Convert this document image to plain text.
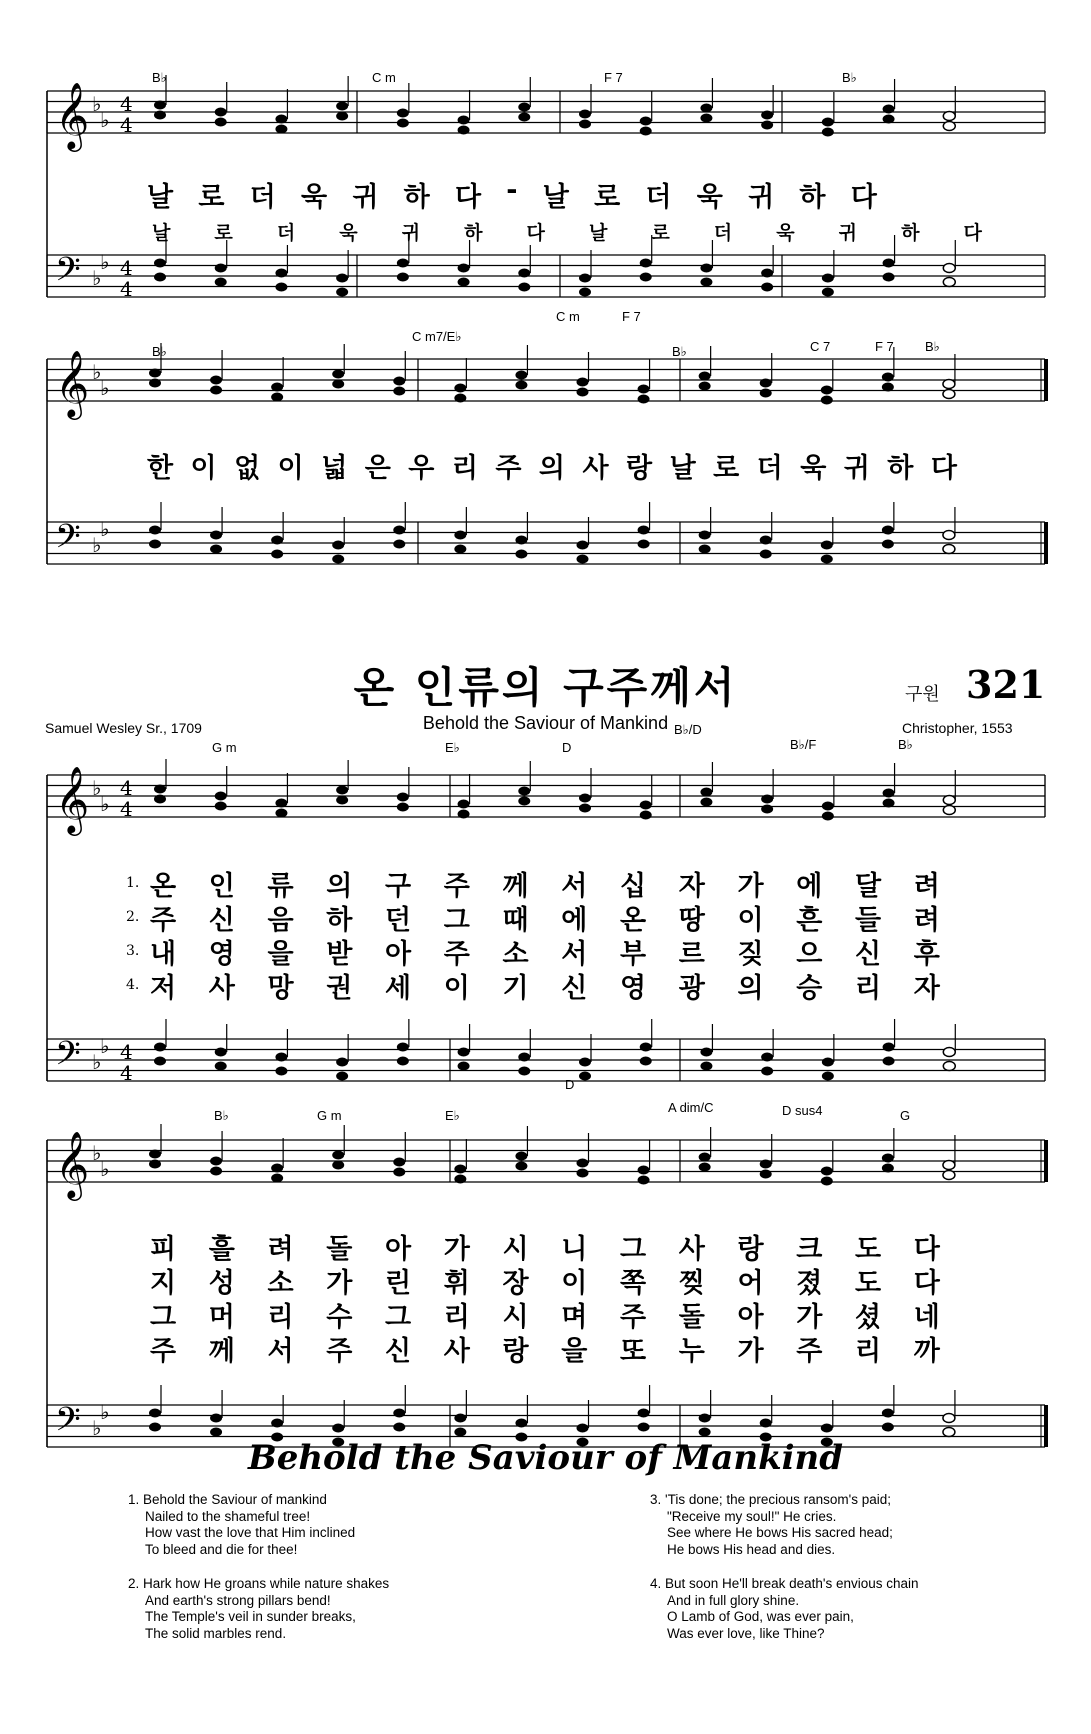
𝄞
𝄢
♭
♭
♭
♭
4
4
4
4
𝄞
𝄢
♭
♭
♭
♭
𝄞
𝄢
♭
♭
♭
♭
4
4
4
4
𝄞
𝄢
♭
♭
♭
♭
B♭	C m	F 7	B♭
날 로 더 욱 귀 하 다 - 날 로 더 욱 귀 하 다
날 로 더 욱 귀 하 다 날 로 더 욱 귀 하 다
B♭
C m7/E♭
C m	F 7
B♭	C 7	F 7 B♭
한 이 없 이 넓 은 우 리 주 의 사 랑 날 로 더 욱 귀 하 다
온 인류의 구주께서	구원 321
Behold the Saviour of Mankind
Samuel Wesley Sr., 1709	Christopher, 1553
G m	E♭	D
B♭/D
B♭/F	B♭
1.
2.
3.
4.
온 인 류 의 구 주 께 서 십 자 가 에 달 려
주 신 음 하 던 그 때 에 온 땅 이 흔 들 려
내 영 을 받 아 주 소 서 부 르 짖 으 신 후
저 사 망 권 세 이 기 신 영 광 의 승 리 자
B♭	G m	E♭
D
A dim/C	D sus4	G
피 흘 려 돌 아 가 시 니 그 사 랑 크 도 다
지 성 소 가 린 휘 장 이 쪽 찢 어 졌 도 다
그 머 리 수 그 리 시 며 주 돌 아 가 셨 네
주 께 서 주 신 사 랑 을 또 누 가 주 리 까
Behold the Saviour of Mankind
1. Behold the Saviour of mankind
Nailed to the shameful tree!
How vast the love that Him inclined
To bleed and die for thee!
2. Hark how He groans while nature shakes
And earth's strong pillars bend!
The Temple's veil in sunder breaks,
The solid marbles rend.
3. 'Tis done; the precious ransom's paid;
"Receive my soul!" He cries.
See where He bows His sacred head;
He bows His head and dies.
4. But soon He'll break death's envious chain
And in full glory shine.
O Lamb of God, was ever pain,
Was ever love, like Thine?
